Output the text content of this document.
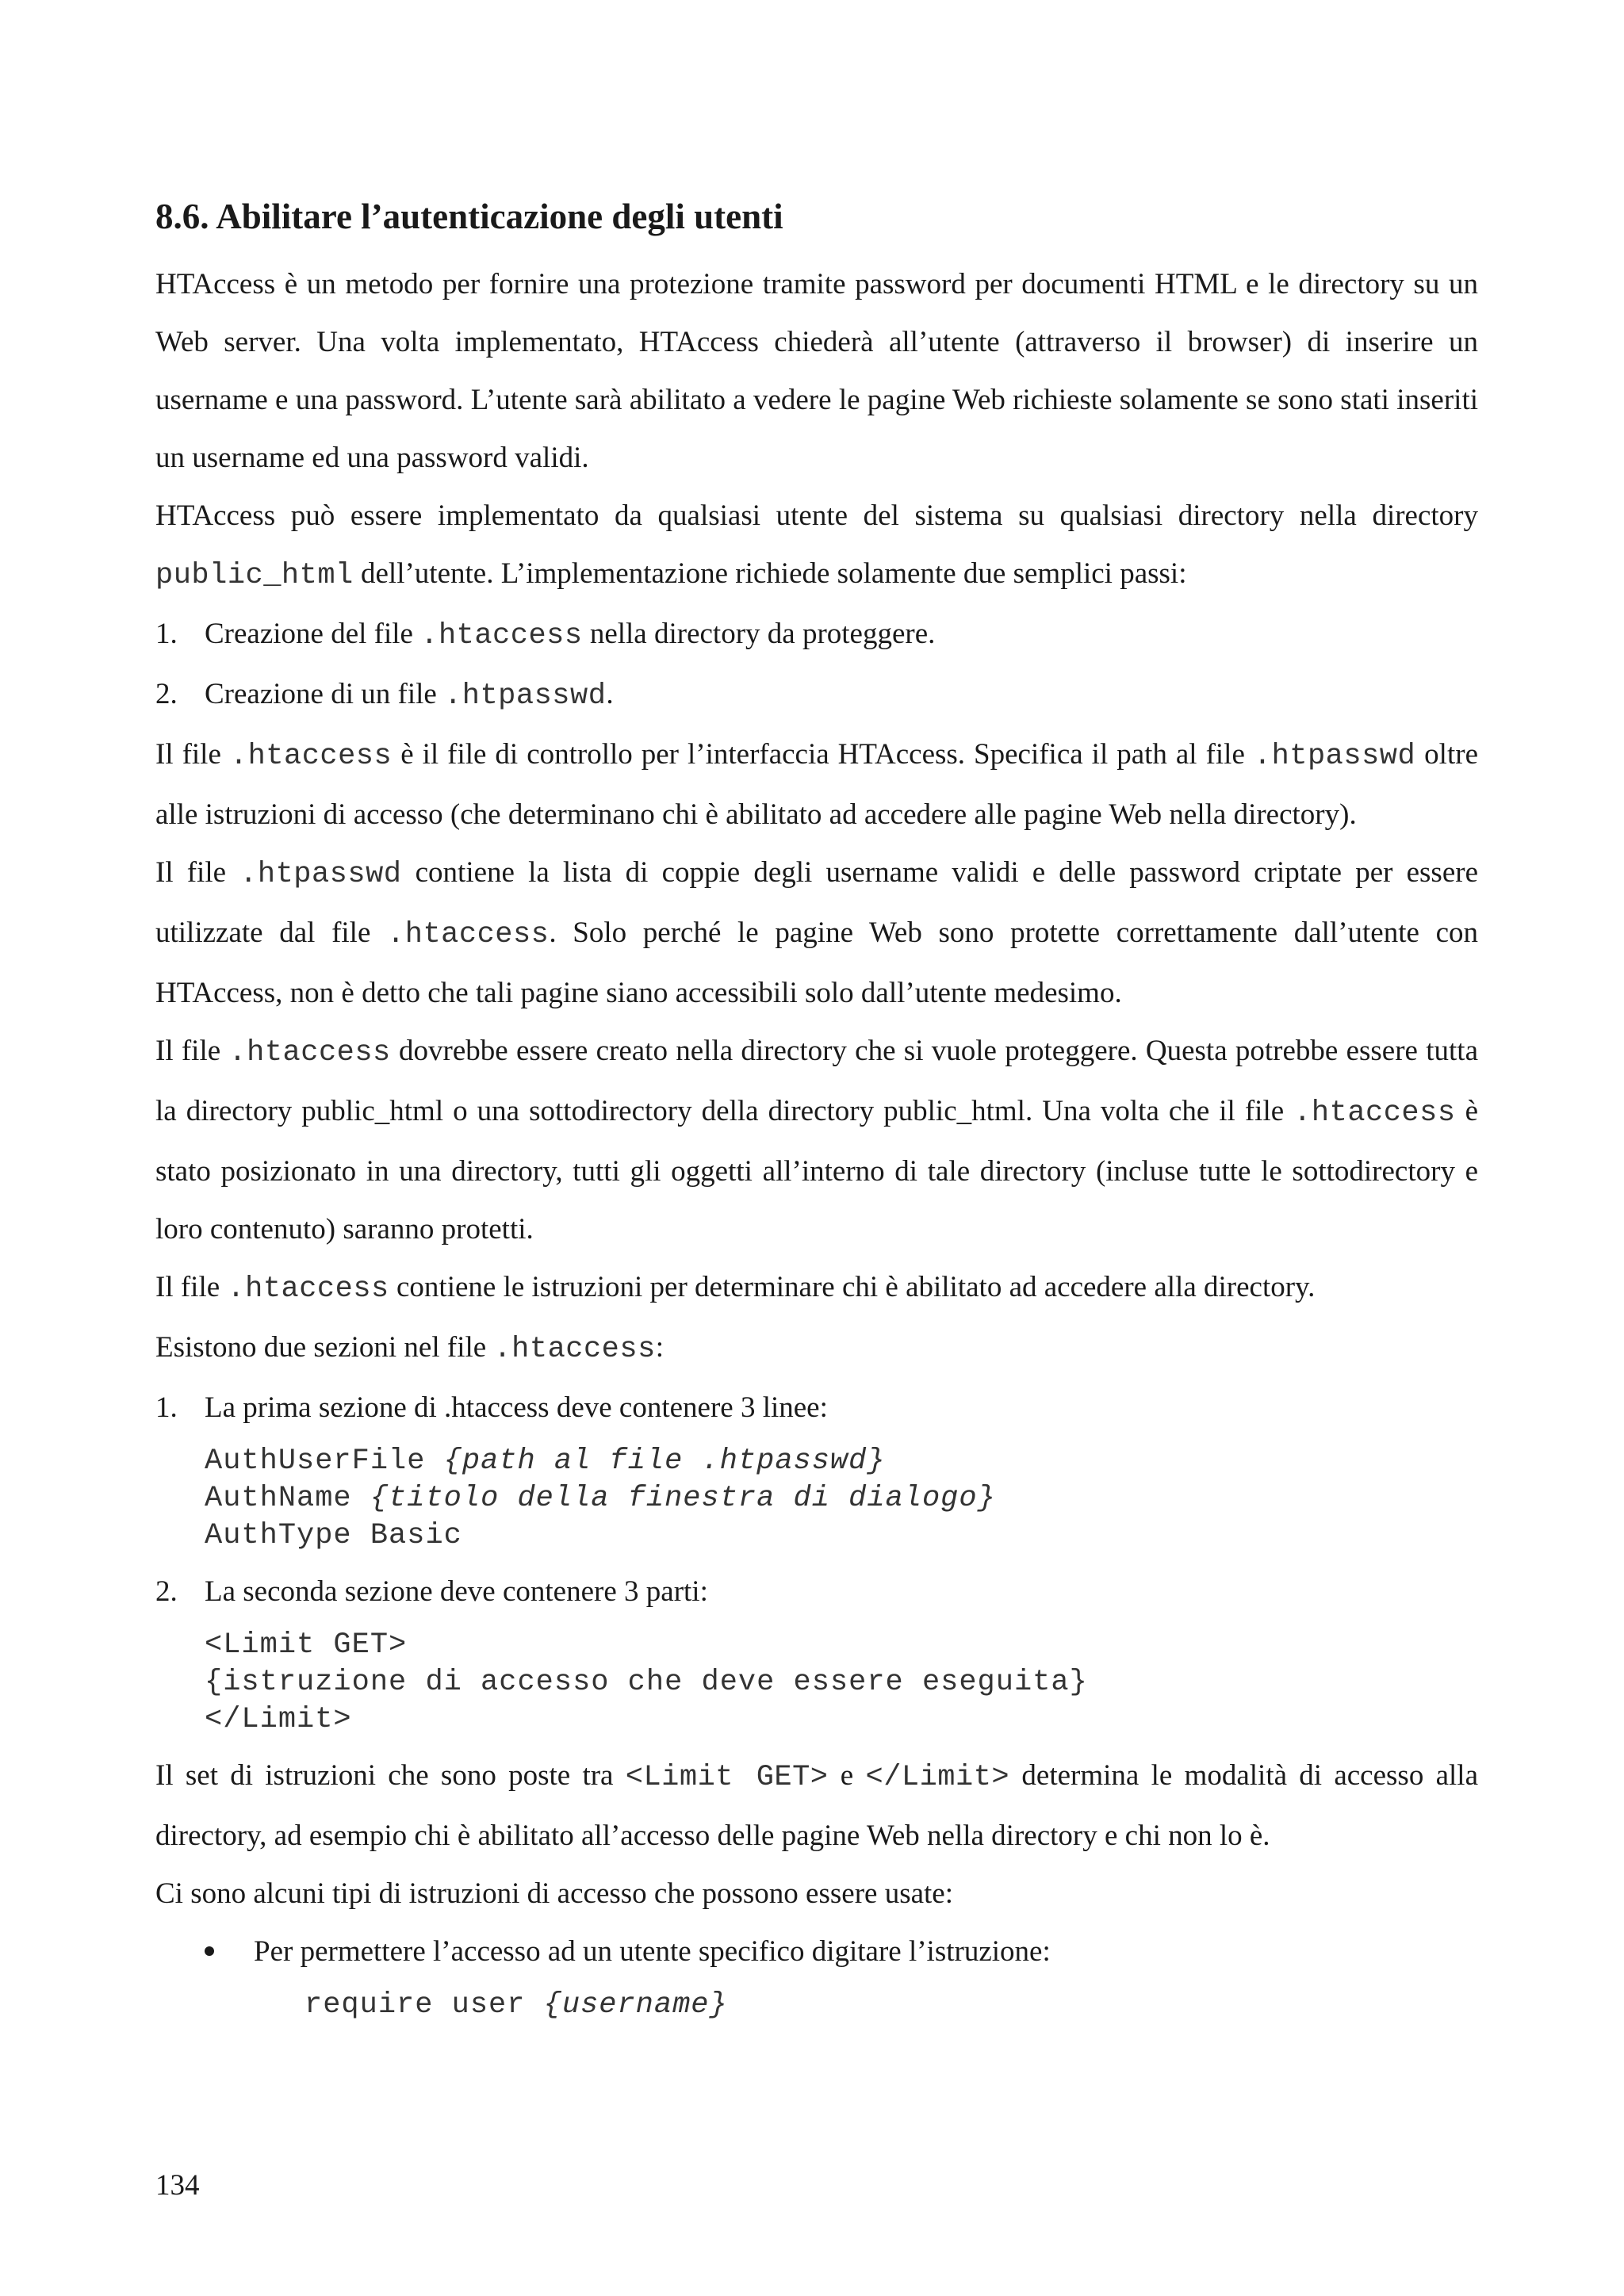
8.6. Abilitare l’autenticazione degli utenti

HTAccess è un metodo per fornire una protezione tramite password per documenti HTML e le directory su un Web server. Una volta implementato, HTAccess chiederà all’utente (attraverso il browser) di inserire un username e una password. L’utente sarà abilitato a vedere le pagine Web richieste solamente se sono stati inseriti un username ed una password validi.

HTAccess può essere implementato da qualsiasi utente del sistema su qualsiasi directory nella directory public_html dell’utente. L’implementazione richiede solamente due semplici passi:

1. Creazione del file .htaccess nella directory da proteggere.
2. Creazione di un file .htpasswd.

Il file .htaccess è il file di controllo per l’interfaccia HTAccess. Specifica il path al file .htpasswd oltre alle istruzioni di accesso (che determinano chi è abilitato ad accedere alle pagine Web nella directory).

Il file .htpasswd contiene la lista di coppie degli username validi e delle password criptate per essere utilizzate dal file .htaccess. Solo perché le pagine Web sono protette correttamente dall’utente con HTAccess, non è detto che tali pagine siano accessibili solo dall’utente medesimo.

Il file .htaccess dovrebbe essere creato nella directory che si vuole proteggere. Questa potrebbe essere tutta la directory public_html o una sottodirectory della directory public_html. Una volta che il file .htaccess è stato posizionato in una directory, tutti gli oggetti all’interno di tale directory (incluse tutte le sottodirectory e loro contenuto) saranno protetti.

Il file .htaccess contiene le istruzioni per determinare chi è abilitato ad accedere alla directory.

Esistono due sezioni nel file .htaccess:

1. La prima sezione di .htaccess deve contenere 3 linee:
AuthUserFile {path al file .htpasswd}
AuthName {titolo della finestra di dialogo}
AuthType Basic
2. La seconda sezione deve contenere 3 parti:
<Limit GET>
{istruzione di accesso che deve essere eseguita}
</Limit>

Il set di istruzioni che sono poste tra <Limit GET> e </Limit> determina le modalità di accesso alla directory, ad esempio chi è abilitato all’accesso delle pagine Web nella directory e chi non lo è.

Ci sono alcuni tipi di istruzioni di accesso che possono essere usate:

Per permettere l’accesso ad un utente specifico digitare l’istruzione:
require user {username}
134
